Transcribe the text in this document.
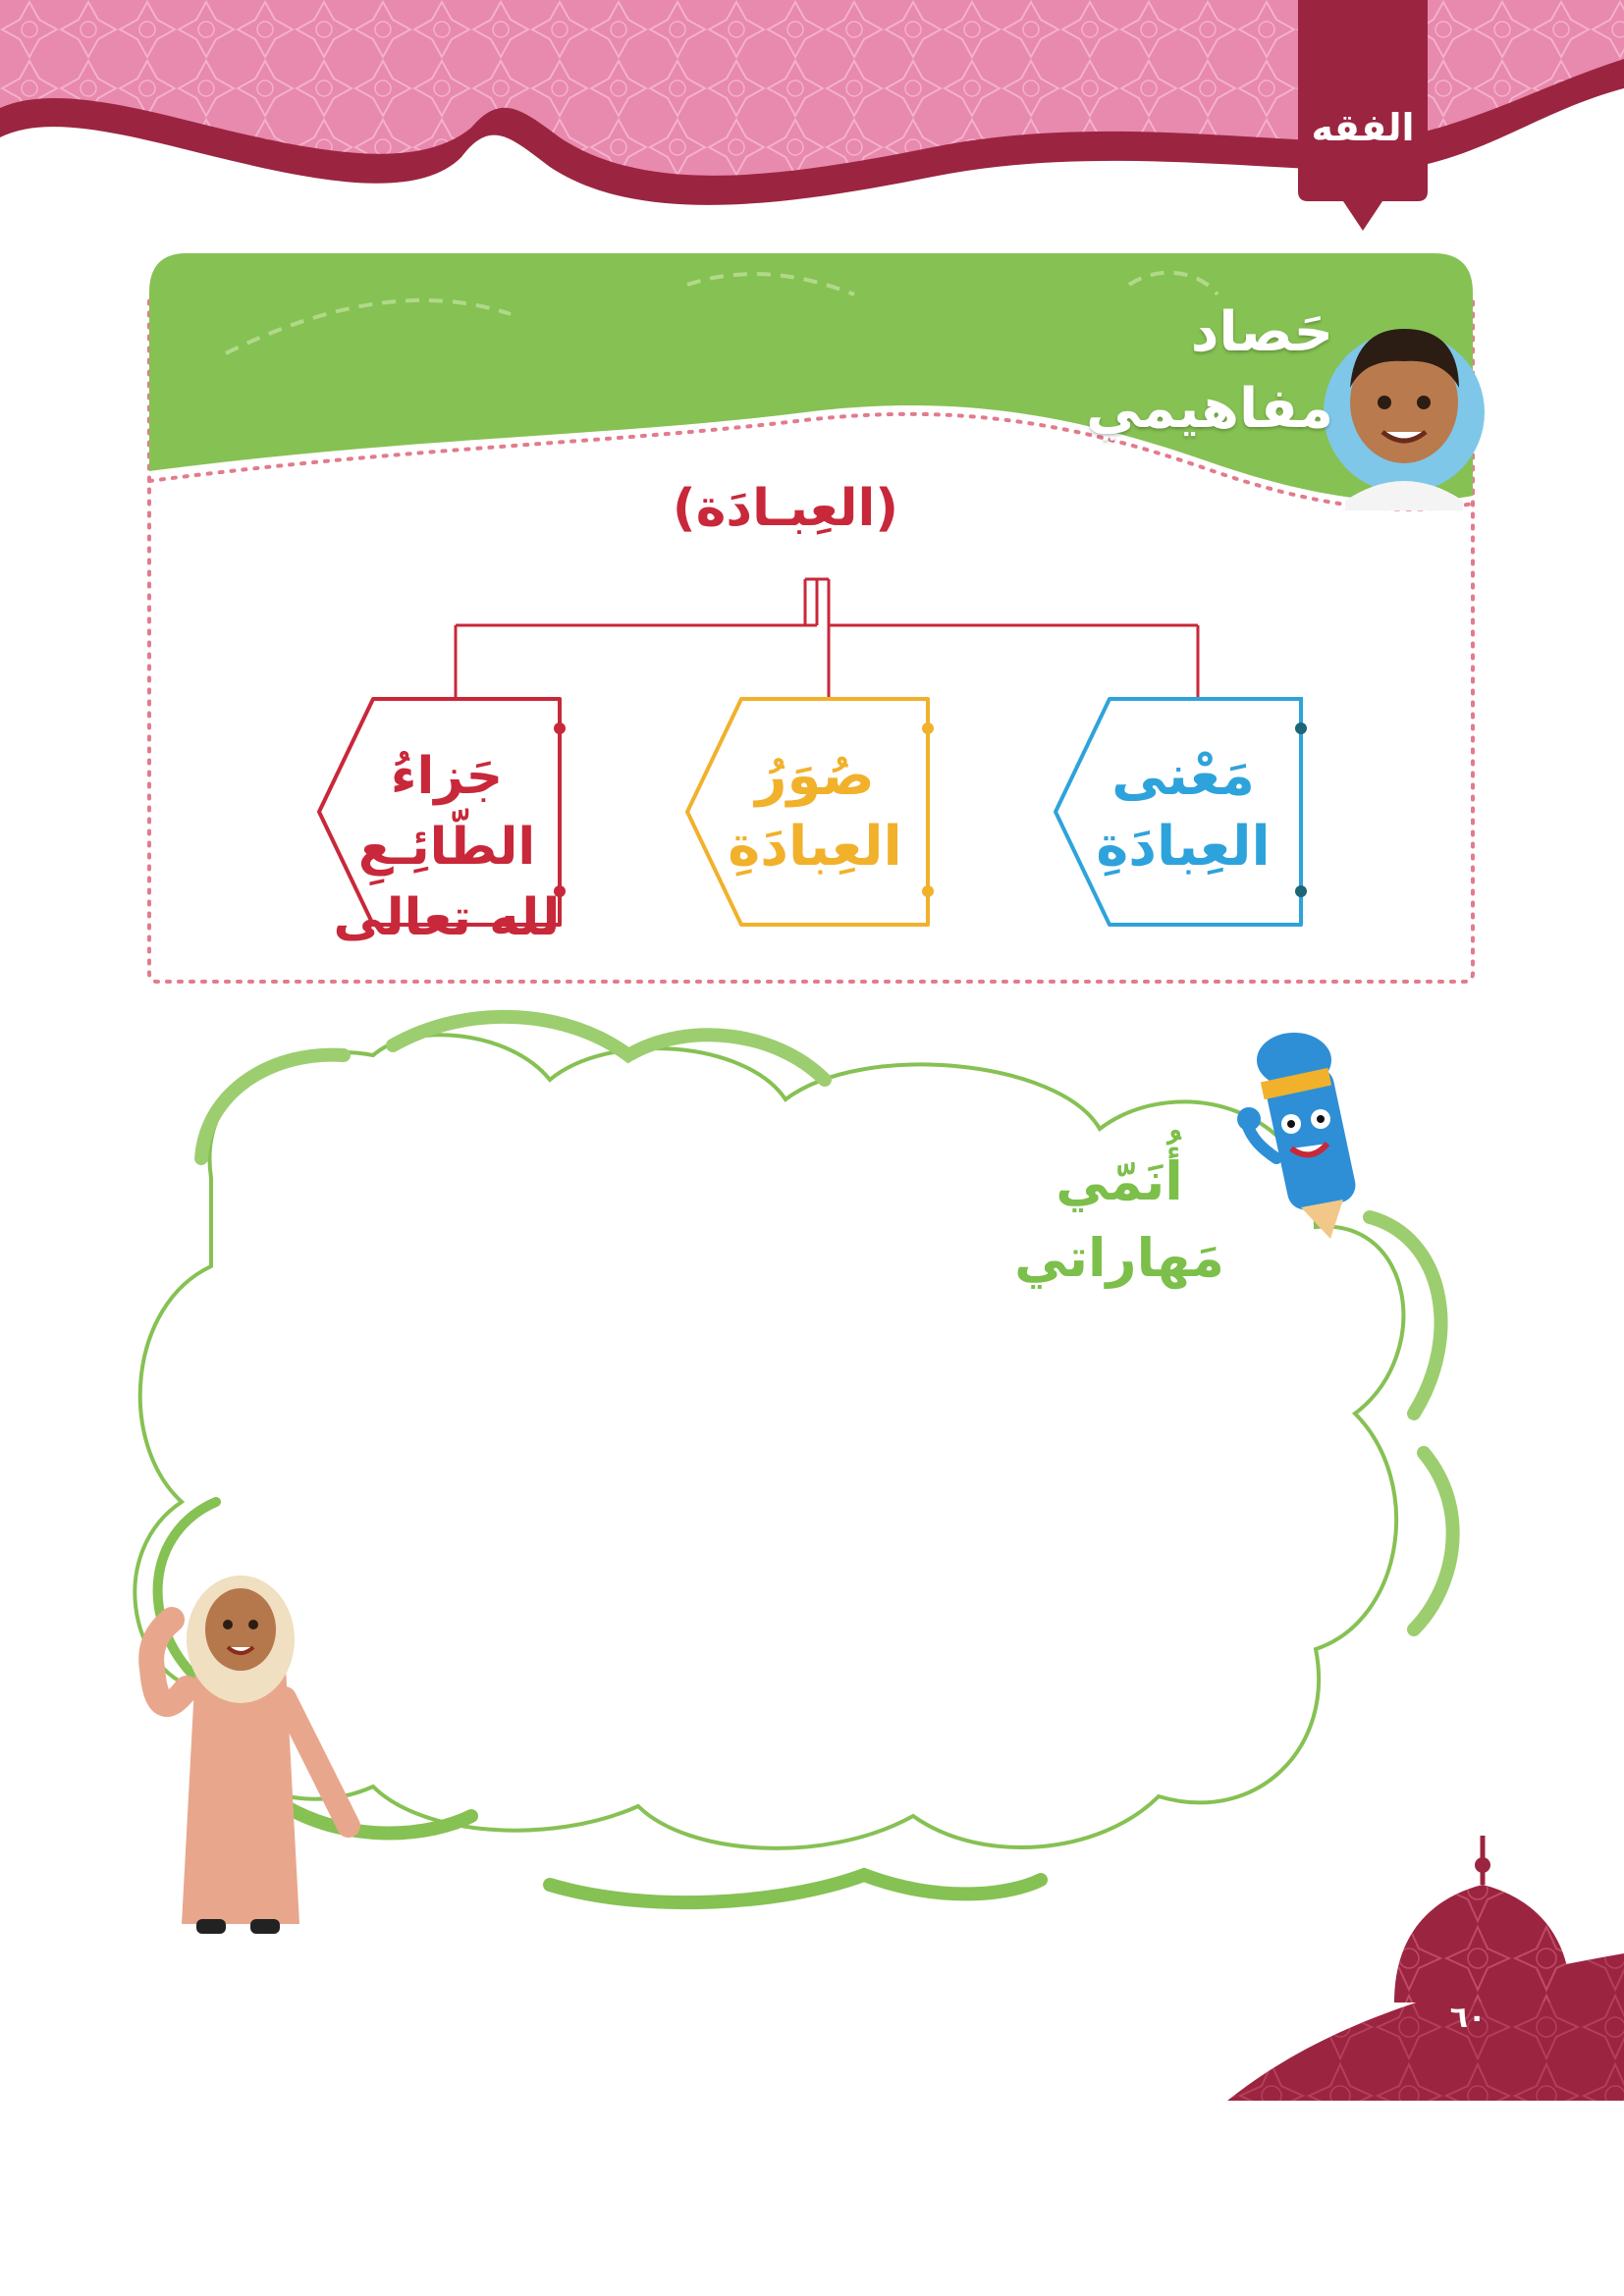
الفقه
حَصاد
مفاهيمي
(العِبـادَة)
مَعْنى
العِبادَةِ
صُوَرُ
العِبادَةِ
جَزاءُ الطّائِـعِ
لله تعالى
أُنَمّي
مَهاراتي
٦٠
